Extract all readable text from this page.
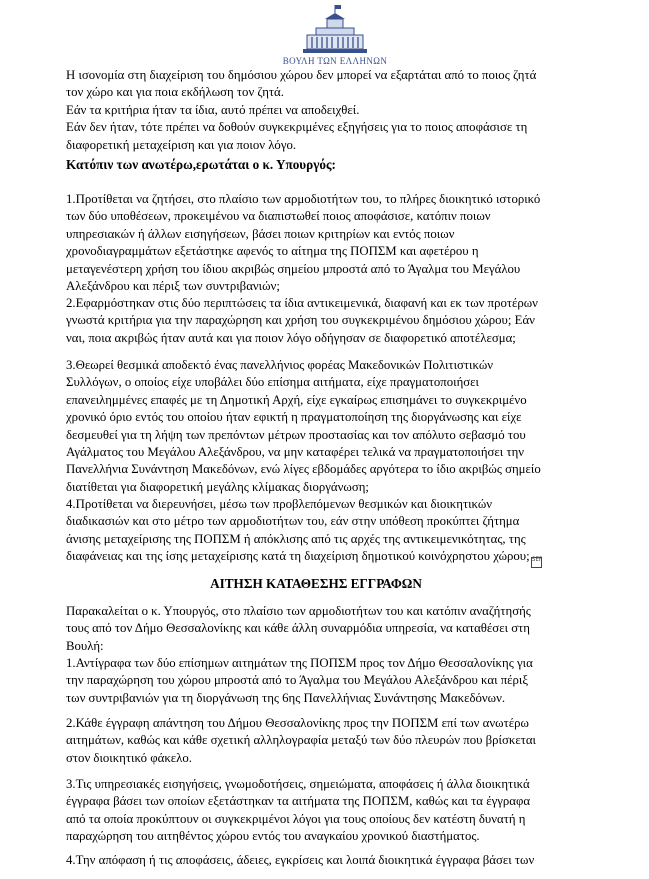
ΒΟΥΛΗ ΤΩΝ ΕΛΛΗΝΩΝ
Η ισονομία στη διαχείριση του δημόσιου χώρου δεν μπορεί να εξαρτάται από το ποιος ζητά
τον χώρο και για ποια εκδήλωση τον ζητά.
Εάν τα κριτήρια ήταν τα ίδια, αυτό πρέπει να αποδειχθεί.
Εάν δεν ήταν, τότε πρέπει να δοθούν συγκεκριμένες εξηγήσεις για το ποιος αποφάσισε τη
διαφορετική μεταχείριση και για ποιον λόγο.
Κατόπιν των ανωτέρω,ερωτάται ο κ. Υπουργός:
1.Προτίθεται να ζητήσει, στο πλαίσιο των αρμοδιοτήτων του, το πλήρες διοικητικό ιστορικό
των δύο υποθέσεων, προκειμένου να διαπιστωθεί ποιος αποφάσισε, κατόπιν ποιων
υπηρεσιακών ή άλλων εισηγήσεων, βάσει ποιων κριτηρίων και εντός ποιων
χρονοδιαγραμμάτων εξετάστηκε αφενός το αίτημα της ΠΟΠΣΜ και αφετέρου η
μεταγενέστερη χρήση του ίδιου ακριβώς σημείου μπροστά από το Άγαλμα του Μεγάλου
Αλεξάνδρου και πέριξ των συντριβανιών;
2.Εφαρμόστηκαν στις δύο περιπτώσεις τα ίδια αντικειμενικά, διαφανή και εκ των προτέρων
γνωστά κριτήρια για την παραχώρηση και χρήση του συγκεκριμένου δημόσιου χώρου; Εάν
ναι, ποια ακριβώς ήταν αυτά και για ποιον λόγο οδήγησαν σε διαφορετικό αποτέλεσμα;
3.Θεωρεί θεσμικά αποδεκτό ένας πανελλήνιος φορέας Μακεδονικών Πολιτιστικών
Συλλόγων, ο οποίος είχε υποβάλει δύο επίσημα αιτήματα, είχε πραγματοποιήσει
επανειλημμένες επαφές με τη Δημοτική Αρχή, είχε εγκαίρως επισημάνει το συγκεκριμένο
χρονικό όριο εντός του οποίου ήταν εφικτή η πραγματοποίηση της διοργάνωσης και είχε
δεσμευθεί για τη λήψη των πρεπόντων μέτρων προστασίας και τον απόλυτο σεβασμό του
Αγάλματος του Μεγάλου Αλεξάνδρου, να μην καταφέρει τελικά να πραγματοποιήσει την
Πανελλήνια Συνάντηση Μακεδόνων, ενώ λίγες εβδομάδες αργότερα το ίδιο ακριβώς σημείο
διατίθεται για διαφορετική μεγάλης κλίμακας διοργάνωση;
4.Προτίθεται να διερευνήσει, μέσω των προβλεπόμενων θεσμικών και διοικητικών
διαδικασιών και στο μέτρο των αρμοδιοτήτων του, εάν στην υπόθεση προκύπτει ζήτημα
άνισης μεταχείρισης της ΠΟΠΣΜ ή απόκλισης από τις αρχές της αντικειμενικότητας, της
διαφάνειας και της ίσης μεταχείρισης κατά τη διαχείριση δημοτικού κοινόχρηστου χώρου; SEP
ΑΙΤΗΣΗ ΚΑΤΑΘΕΣΗΣ ΕΓΓΡΑΦΩΝ
Παρακαλείται ο κ. Υπουργός, στο πλαίσιο των αρμοδιοτήτων του και κατόπιν αναζήτησής
τους από τον Δήμο Θεσσαλονίκης και κάθε άλλη συναρμόδια υπηρεσία, να καταθέσει στη
Βουλή:
1.Αντίγραφα των δύο επίσημων αιτημάτων της ΠΟΠΣΜ προς τον Δήμο Θεσσαλονίκης για
την παραχώρηση του χώρου μπροστά από το Άγαλμα του Μεγάλου Αλεξάνδρου και πέριξ
των συντριβανιών για τη διοργάνωση της 6ης Πανελλήνιας Συνάντησης Μακεδόνων.
2.Κάθε έγγραφη απάντηση του Δήμου Θεσσαλονίκης προς την ΠΟΠΣΜ επί των ανωτέρω
αιτημάτων, καθώς και κάθε σχετική αλληλογραφία μεταξύ των δύο πλευρών που βρίσκεται
στον διοικητικό φάκελο.
3.Τις υπηρεσιακές εισηγήσεις, γνωμοδοτήσεις, σημειώματα, αποφάσεις ή άλλα διοικητικά
έγγραφα βάσει των οποίων εξετάστηκαν τα αιτήματα της ΠΟΠΣΜ, καθώς και τα έγγραφα
από τα οποία προκύπτουν οι συγκεκριμένοι λόγοι για τους οποίους δεν κατέστη δυνατή η
παραχώρηση του αιτηθέντος χώρου εντός του αναγκαίου χρονικού διαστήματος.
4.Την απόφαση ή τις αποφάσεις, άδειες, εγκρίσεις και λοιπά διοικητικά έγγραφα βάσει των
